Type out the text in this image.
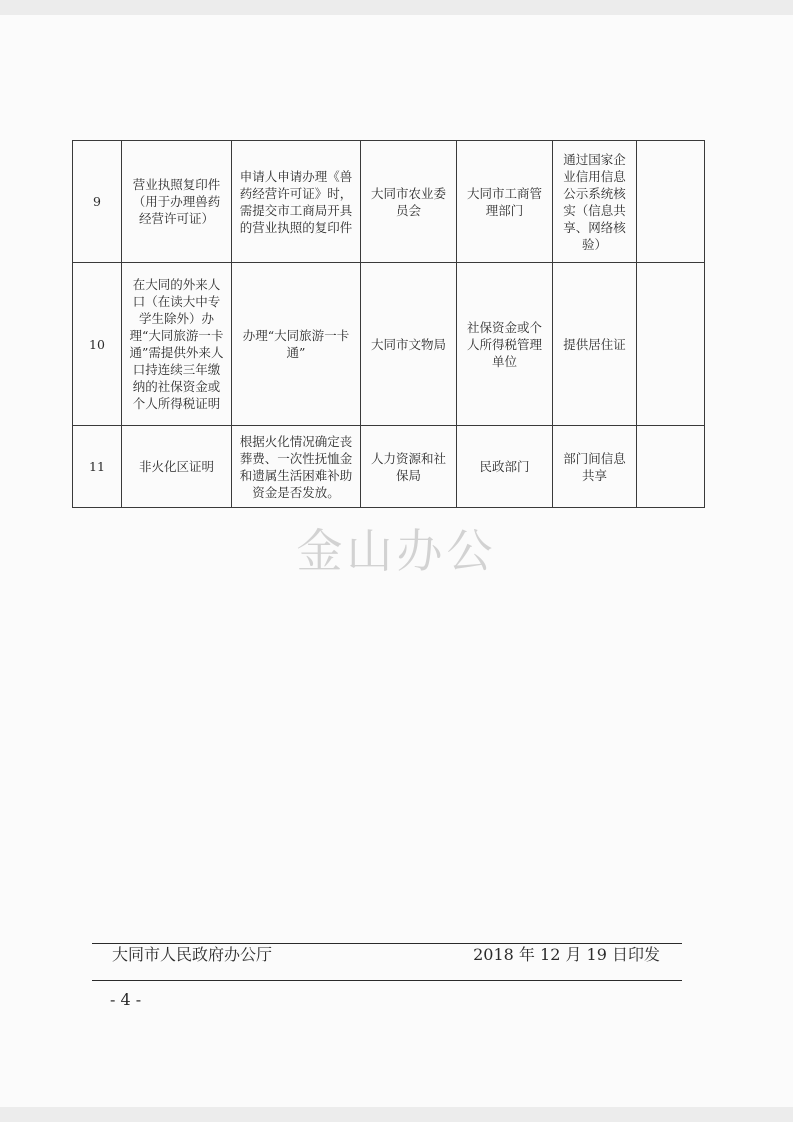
9	营业执照复印件（用于办理兽药经营许可证）	申请人申请办理《兽药经营许可证》时，需提交市工商局开具的营业执照的复印件	大同市农业委员会	大同市工商管理部门	通过国家企业信用信息公示系统核实（信息共享、网络核验）	
10	在大同的外来人口（在读大中专学生除外）办理“大同旅游一卡通”需提供外来人口持连续三年缴纳的社保资金或个人所得税证明	办理“大同旅游一卡通”	大同市文物局	社保资金或个人所得税管理单位	提供居住证	
11	非火化区证明	根据火化情况确定丧葬费、一次性抚恤金和遗属生活困难补助资金是否发放。	人力资源和社保局	民政部门	部门间信息共享	
金山办公
大同市人民政府办公厅	2018 年 12 月 19 日印发
- 4 -
